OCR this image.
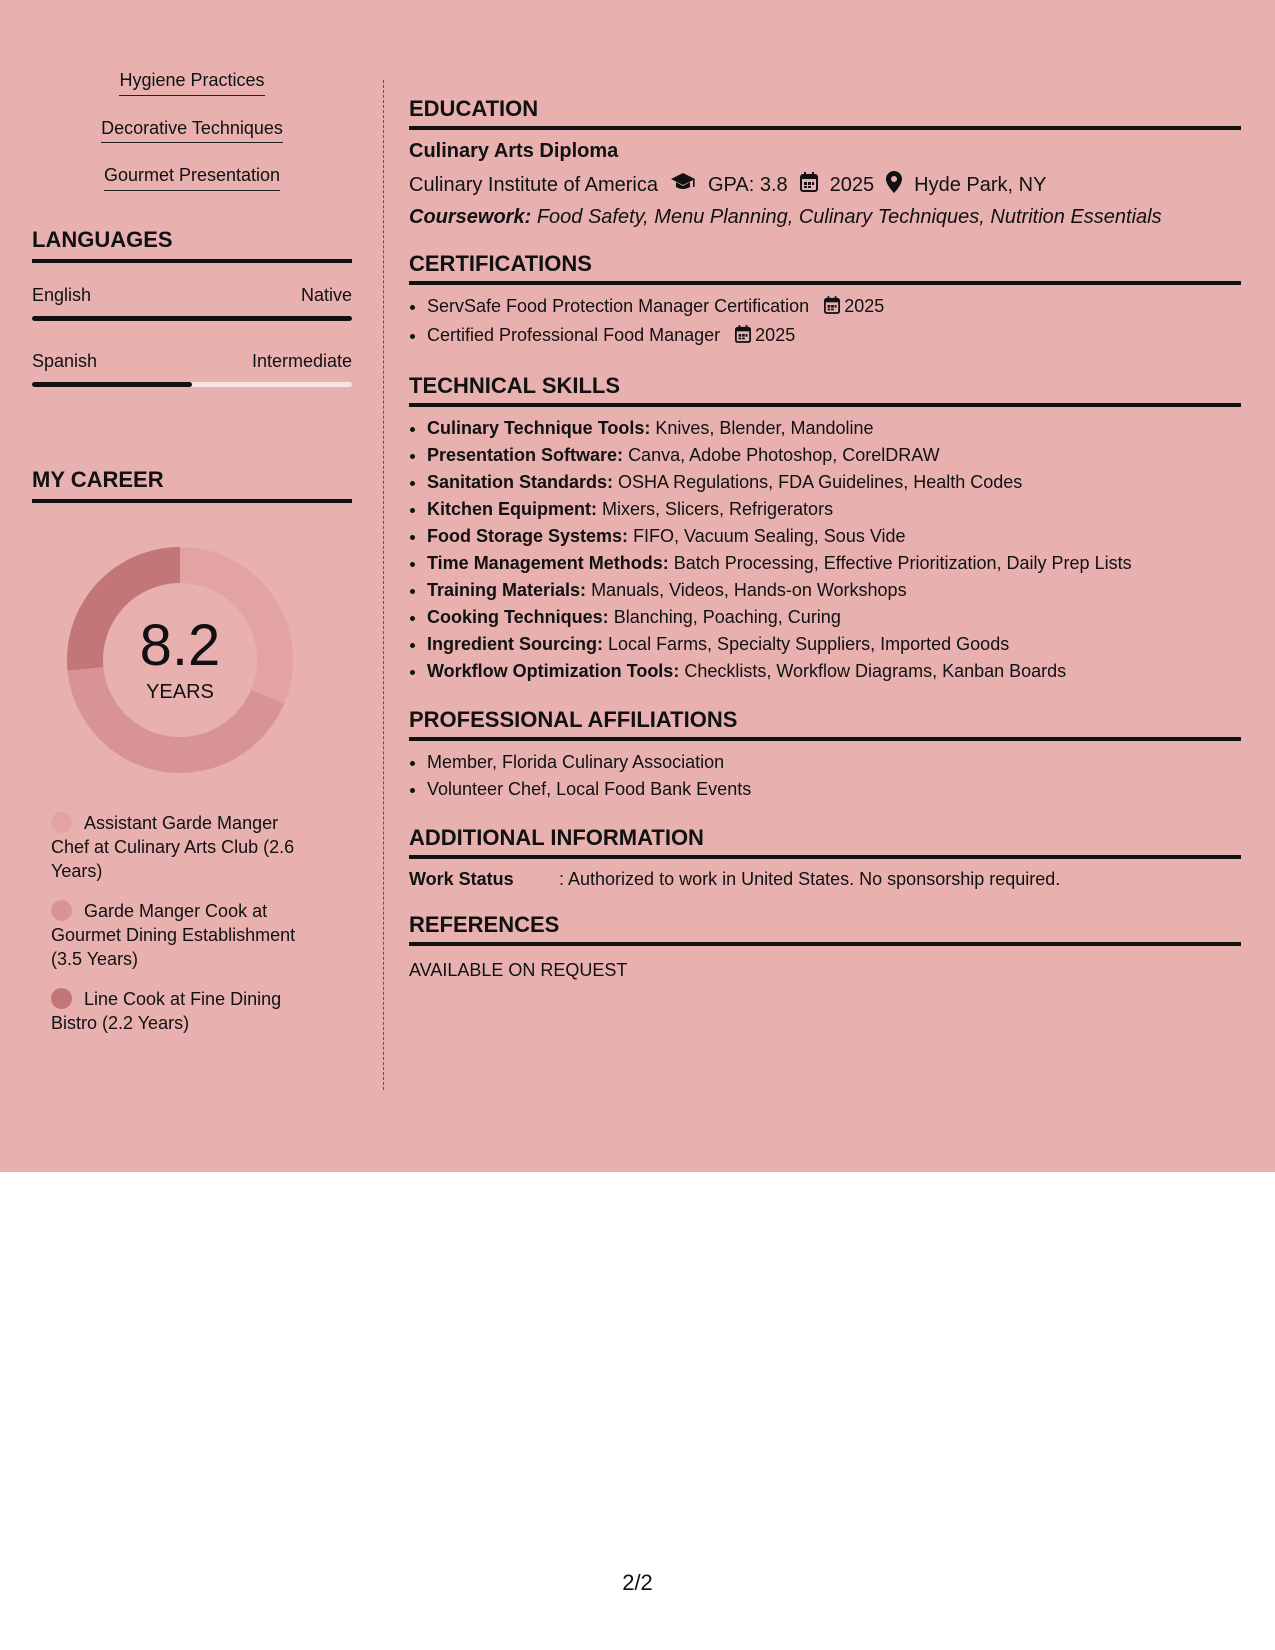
Hygiene Practices
Decorative Techniques
Gourmet Presentation
LANGUAGES
English	Native
Spanish	Intermediate
MY CAREER
8.2
YEARS
Assistant Garde Manger Chef at Culinary Arts Club (2.6 Years)
Garde Manger Cook at Gourmet Dining Establishment (3.5 Years)
Line Cook at Fine Dining Bistro (2.2 Years)
EDUCATION
Culinary Arts Diploma
Culinary Institute of America	GPA: 3.8 2025 Hyde Park, NY
Coursework: Food Safety, Menu Planning, Culinary Techniques, Nutrition Essentials
CERTIFICATIONS
• ServSafe Food Protection Manager Certification 2025
• Certified Professional Food Manager 2025
TECHNICAL SKILLS
• Culinary Technique Tools: Knives, Blender, Mandoline
• Presentation Software: Canva, Adobe Photoshop, CorelDRAW
• Sanitation Standards: OSHA Regulations, FDA Guidelines, Health Codes
• Kitchen Equipment: Mixers, Slicers, Refrigerators
• Food Storage Systems: FIFO, Vacuum Sealing, Sous Vide
• Time Management Methods: Batch Processing, Effective Prioritization, Daily Prep Lists
• Training Materials: Manuals, Videos, Hands-on Workshops
• Cooking Techniques: Blanching, Poaching, Curing
• Ingredient Sourcing: Local Farms, Specialty Suppliers, Imported Goods
• Workflow Optimization Tools: Checklists, Workflow Diagrams, Kanban Boards
PROFESSIONAL AFFILIATIONS
• Member, Florida Culinary Association
• Volunteer Chef, Local Food Bank Events
ADDITIONAL INFORMATION
Work Status	: Authorized to work in United States. No sponsorship required.
REFERENCES
AVAILABLE ON REQUEST
2/2
